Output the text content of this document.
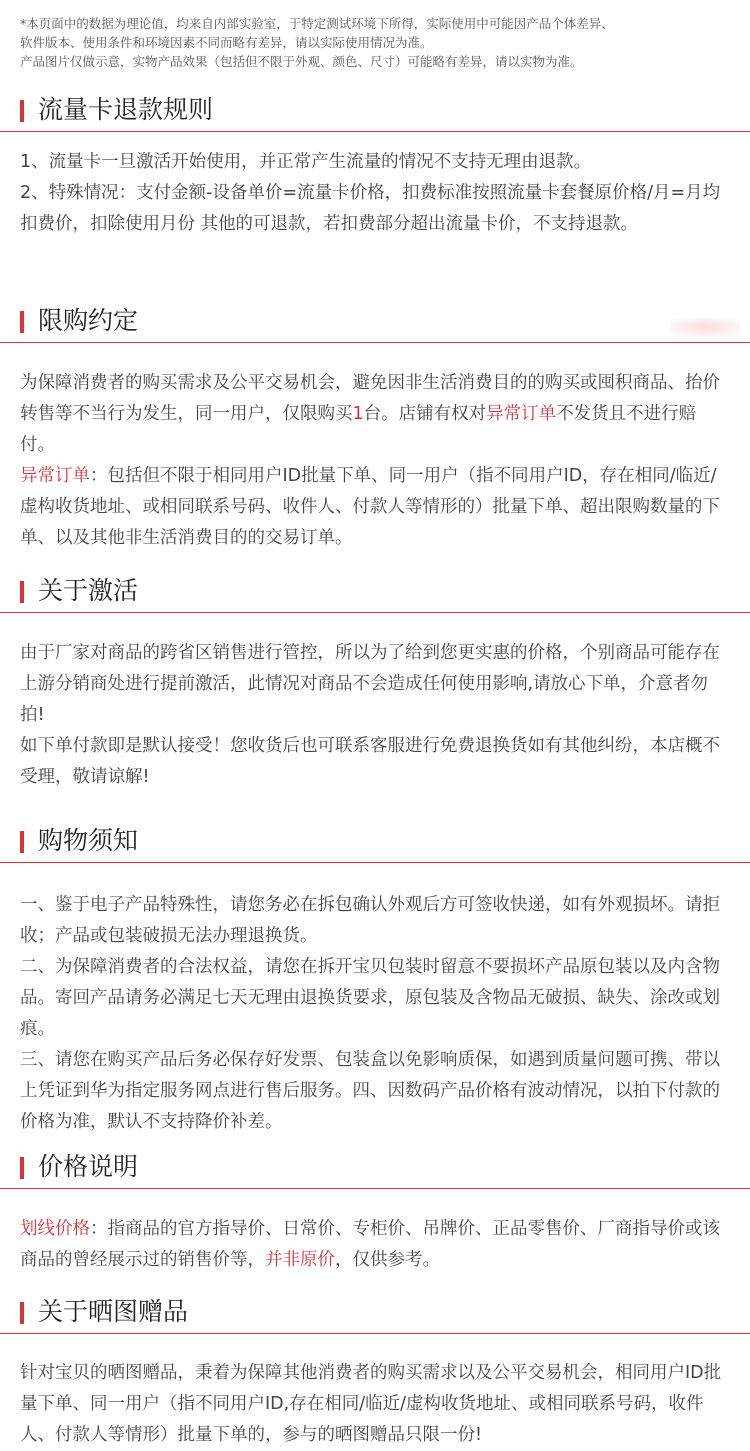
*本页面中的数据为理论值，均来自内部实验室，于特定测试环境下所得，实际使用中可能因产品个体差异、
软件版本、使用条件和环境因素不同而略有差异，请以实际使用情况为准。
产品图片仅做示意，实物产品效果（包括但不限于外观、颜色、尺寸）可能略有差异，请以实物为准。
流量卡退款规则

1、流量卡一旦激活开始使用，并正常产生流量的情况不支持无理由退款。

2、特殊情况：支付金额-设备单价=流量卡价格，扣费标准按照流量卡套餐原价格/月=月均扣费价，扣除使用月份 其他的可退款，若扣费部分超出流量卡价，不支持退款。

限购约定

为保障消费者的购买需求及公平交易机会，避免因非生活消费目的的购买或囤积商品、抬价转售等不当行为发生，同一用户，仅限购买1台。店铺有权对异常订单不发货且不进行赔付。

异常订单：包括但不限于相同用户ID批量下单、同一用户（指不同用户ID，存在相同/临近/虚构收货地址、或相同联系号码、收件人、付款人等情形的）批量下单、超出限购数量的下单、以及其他非生活消费目的的交易订单。

关于激活

由于厂家对商品的跨省区销售进行管控，所以为了给到您更实惠的价格，个别商品可能存在上游分销商处进行提前激活，此情况对商品不会造成任何使用影响,请放心下单，介意者勿拍!

如下单付款即是默认接受！您收货后也可联系客服进行免费退换货如有其他纠纷，本店概不受理，敬请谅解!

购物须知

一、鉴于电子产品特殊性，请您务必在拆包确认外观后方可签收快递，如有外观损坏。请拒收；产品或包装破损无法办理退换货。

二、为保障消费者的合法权益，请您在拆开宝贝包装时留意不要损坏产品原包装以及内含物品。寄回产品请务必满足七天无理由退换货要求，原包装及含物品无破损、缺失、涂改或划痕。

三、请您在购买产品后务必保存好发票、包装盒以免影响质保，如遇到质量问题可携、带以上凭证到华为指定服务网点进行售后服务。四、因数码产品价格有波动情况，以拍下付款的价格为准，默认不支持降价补差。

价格说明

划线价格：指商品的官方指导价、日常价、专柜价、吊牌价、正品零售价、厂商指导价或该商品的曾经展示过的销售价等，并非原价，仅供参考。

关于晒图赠品

针对宝贝的晒图赠品，秉着为保障其他消费者的购买需求以及公平交易机会，相同用户ID批量下单、同一用户（指不同用户ID,存在相同/临近/虚构收货地址、或相同联系号码，收件人、付款人等情形）批量下单的，参与的晒图赠品只限一份!
